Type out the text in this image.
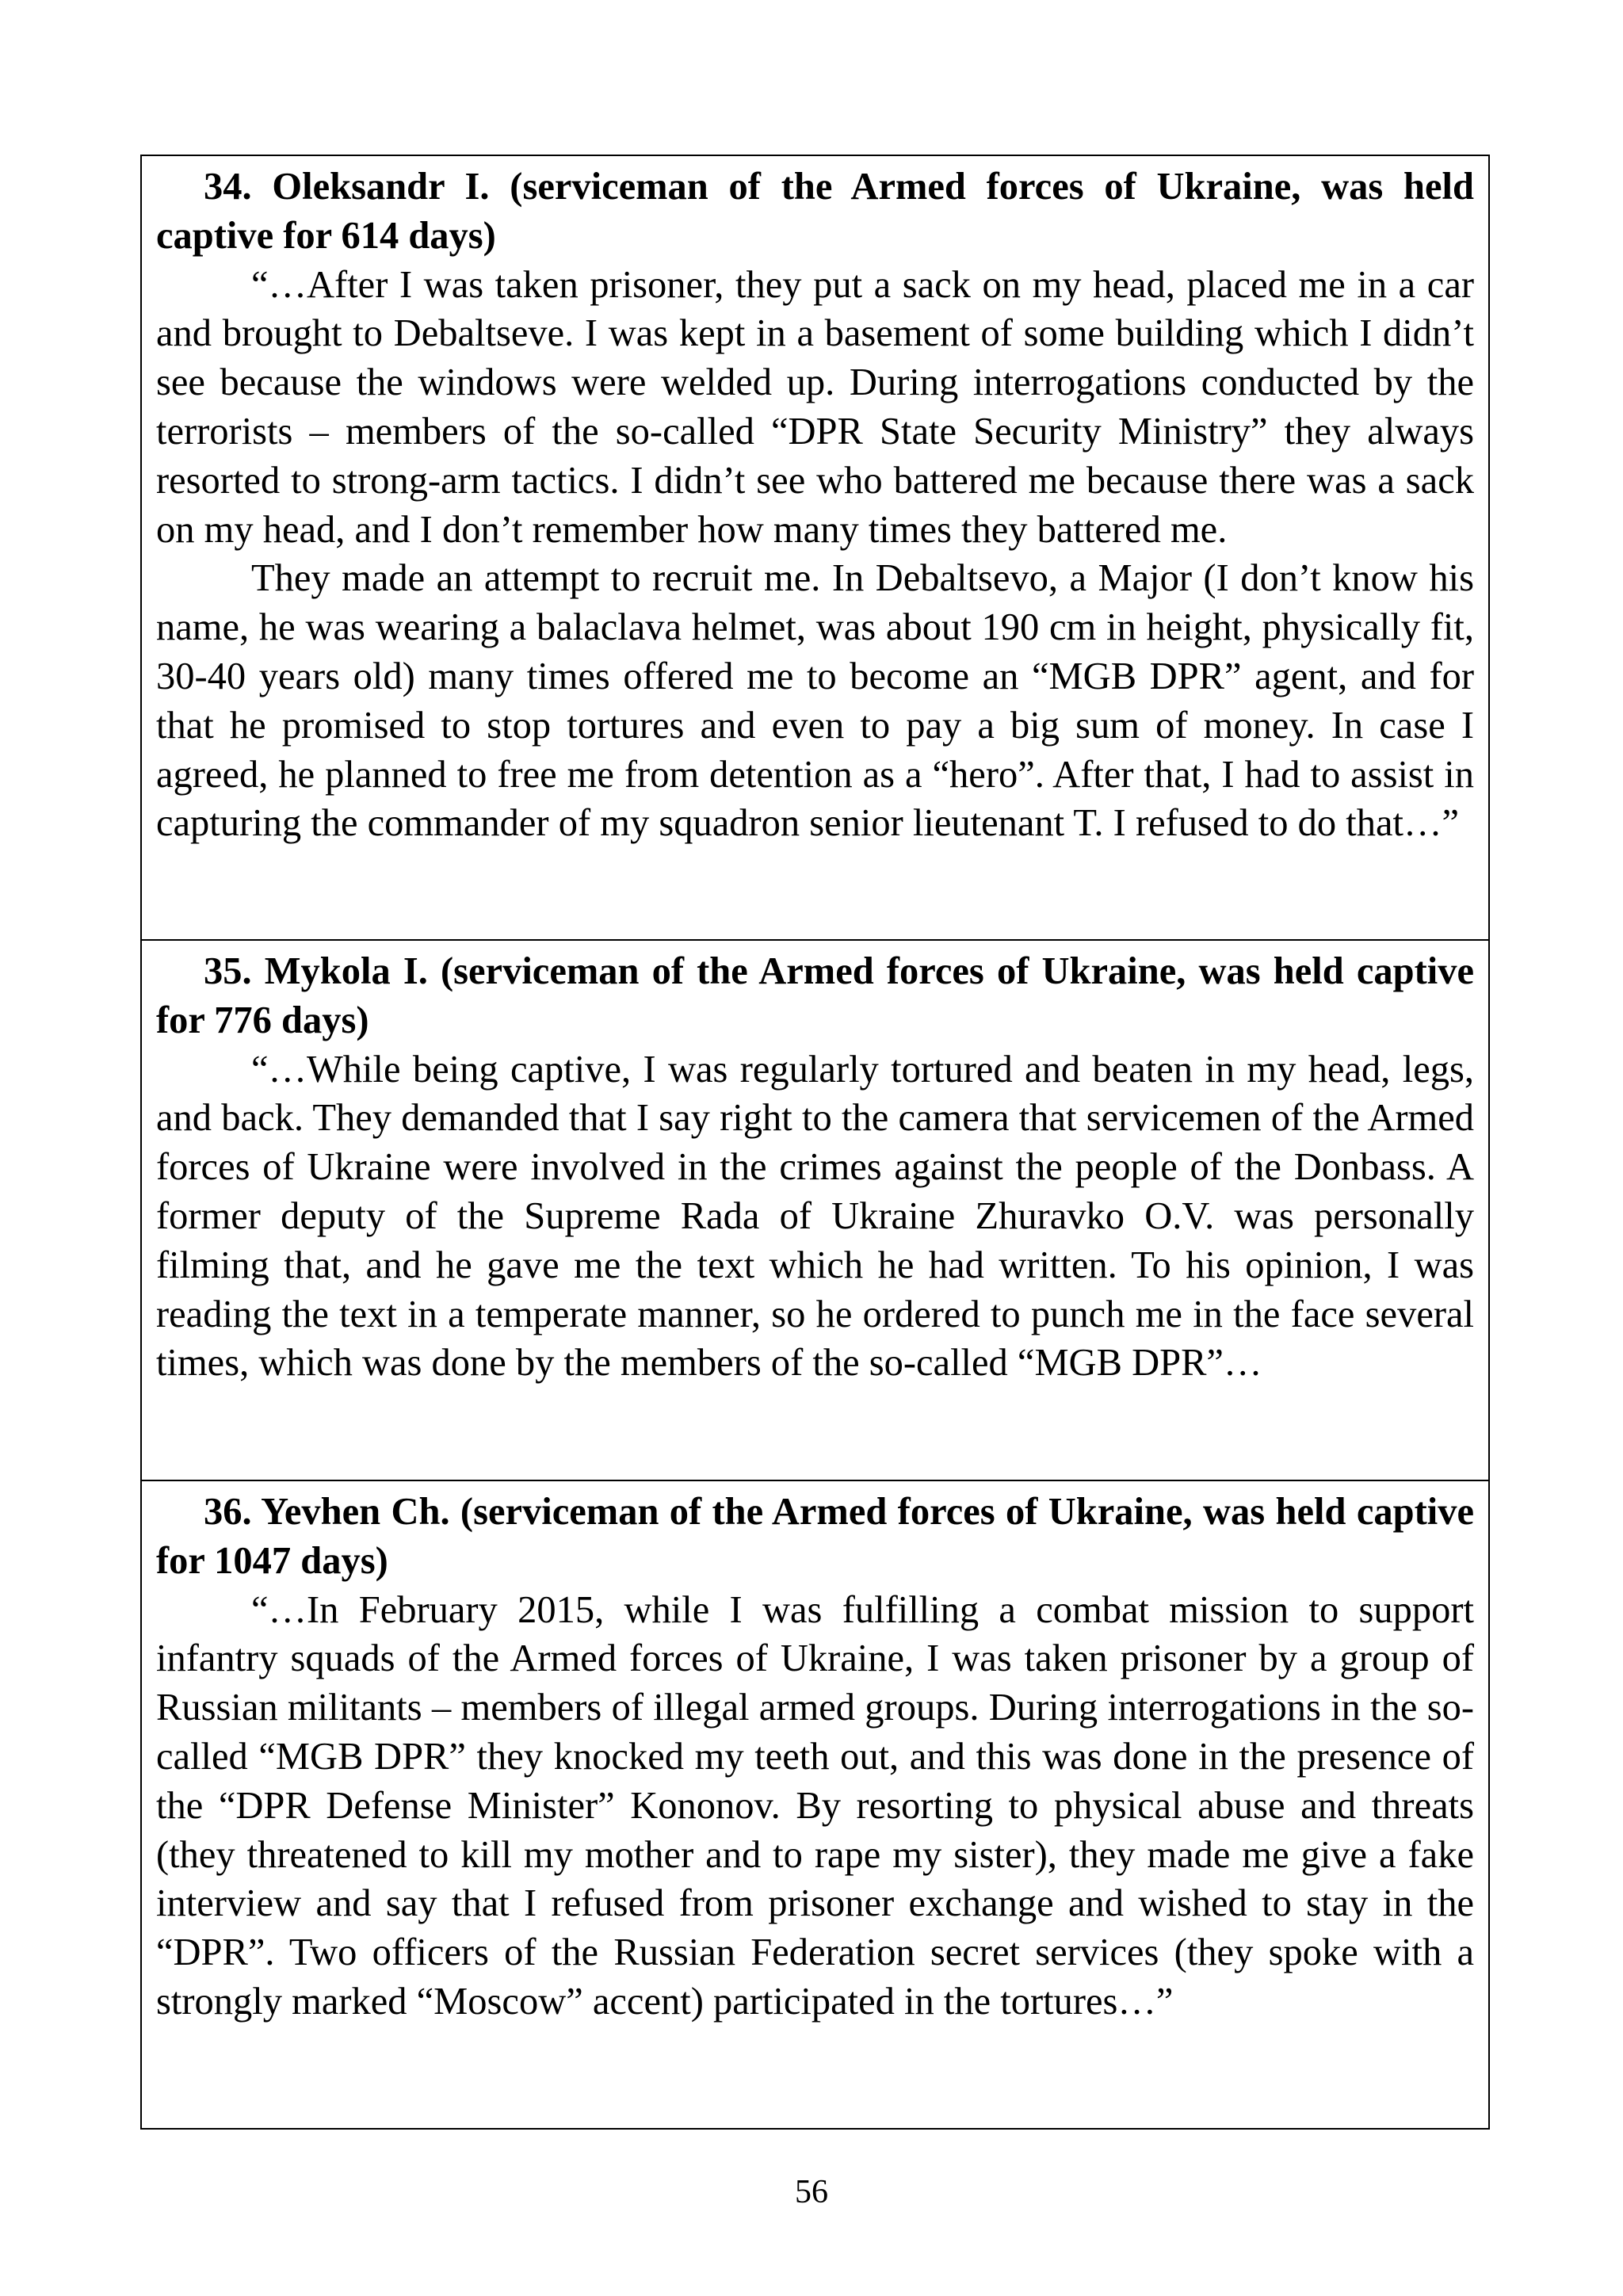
34. Oleksandr I. (serviceman of the Armed forces of Ukraine, was held captive for 614 days)

“…After I was taken prisoner, they put a sack on my head, placed me in a car and brought to Debaltseve. I was kept in a basement of some building which I didn’t see because the windows were welded up. During interrogations conducted by the terrorists – members of the so-called “DPR State Security Ministry” they always resorted to strong-arm tactics. I didn’t see who battered me because there was a sack on my head, and I don’t remember how many times they battered me.

They made an attempt to recruit me. In Debaltsevo, a Major (I don’t know his name, he was wearing a balaclava helmet, was about 190 cm in height, physically fit, 30-40 years old) many times offered me to become an “MGB DPR” agent, and for that he promised to stop tortures and even to pay a big sum of money. In case I agreed, he planned to free me from detention as a “hero”. After that, I had to assist in capturing the commander of my squadron senior lieutenant T. I refused to do that…”

35. Mykola I. (serviceman of the Armed forces of Ukraine, was held captive for 776 days)

“…While being captive, I was regularly tortured and beaten in my head, legs, and back. They demanded that I say right to the camera that servicemen of the Armed forces of Ukraine were involved in the crimes against the people of the Donbass. A former deputy of the Supreme Rada of Ukraine Zhuravko O.V. was personally filming that, and he gave me the text which he had written. To his opinion, I was reading the text in a temperate manner, so he ordered to punch me in the face several times, which was done by the members of the so-called “MGB DPR”…

36. Yevhen Ch. (serviceman of the Armed forces of Ukraine, was held captive for 1047 days)

“…In February 2015, while I was fulfilling a combat mission to support infantry squads of the Armed forces of Ukraine, I was taken prisoner by a group of Russian militants – members of illegal armed groups. During interrogations in the so-called “MGB DPR” they knocked my teeth out, and this was done in the presence of the “DPR Defense Minister” Kononov. By resorting to physical abuse and threats (they threatened to kill my mother and to rape my sister), they made me give a fake interview and say that I refused from prisoner exchange and wished to stay in the “DPR”. Two officers of the Russian Federation secret services (they spoke with a strongly marked “Moscow” accent) participated in the tortures…”

56
